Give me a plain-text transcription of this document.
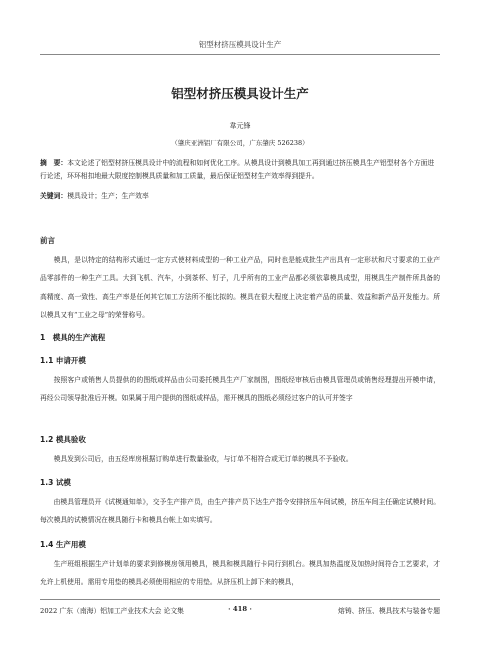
铝型材挤压模具设计生产
铝型材挤压模具设计生产
韋元锋
（肇庆亚洲铝厂有限公司，广东肇庆 526238）
摘　要：本文论述了铝型材挤压模具设计中的流程和如何优化工序。从模具设计到模具加工再到通过挤压模具生产铝型材各个方面进行论述，环环相扣地最大限度控制模具质量和加工质量，最后保证铝型材生产效率得到提升。
关键词：模具设计；生产；生产效率
前言
模具，是以特定的结构形式通过一定方式使材料成型的一种工业产品，同时也是能成批生产出具有一定形状和尺寸要求的工业产品零部件的一种生产工具。大到飞机、汽车，小到茶杯、钉子，几乎所有的工业产品都必须依靠模具成型，用模具生产制件所具备的高精度、高一致性、高生产率是任何其它加工方法所不能比拟的。模具在很大程度上决定着产品的质量、效益和新产品开发能力。所以模具又有“工业之母”的荣誉称号。
1　模具的生产流程
1.1 申请开模
按照客户或销售人员提供的的图纸或样品由公司委托模具生产厂家制图，图纸经审核后由模具管理员或销售经理提出开模申请，再经公司领导批准后开模。如果属于用户提供的图纸或样品，需开模具的图纸必须经过客户的认可并签字
1.2 模具验收
模具发到公司后，由五经库房根据订购单进行数量验收，与订单不相符合或无订单的模具不予验收。
1.3 试模
由模具管理员开《试模通知单》，交予生产排产员，由生产排产员下达生产指令安排挤压车间试模，挤压车间主任确定试模时间。每次模具的试模情况在模具随行卡和模具台帐上如实填写。
1.4 生产用模
生产班组根据生产计划单的要求到修模房领用模具，模具和模具随行卡同行到机台。模具加热温度及加热时间符合工艺要求，才允许上机使用。需用专用垫的模具必须使用相应的专用垫。从挤压机上卸下来的模具，
2022 广东（南海）铝加工产业技术大会 论文集	· 418 ·	熔铸、挤压、模具技术与装备专题
